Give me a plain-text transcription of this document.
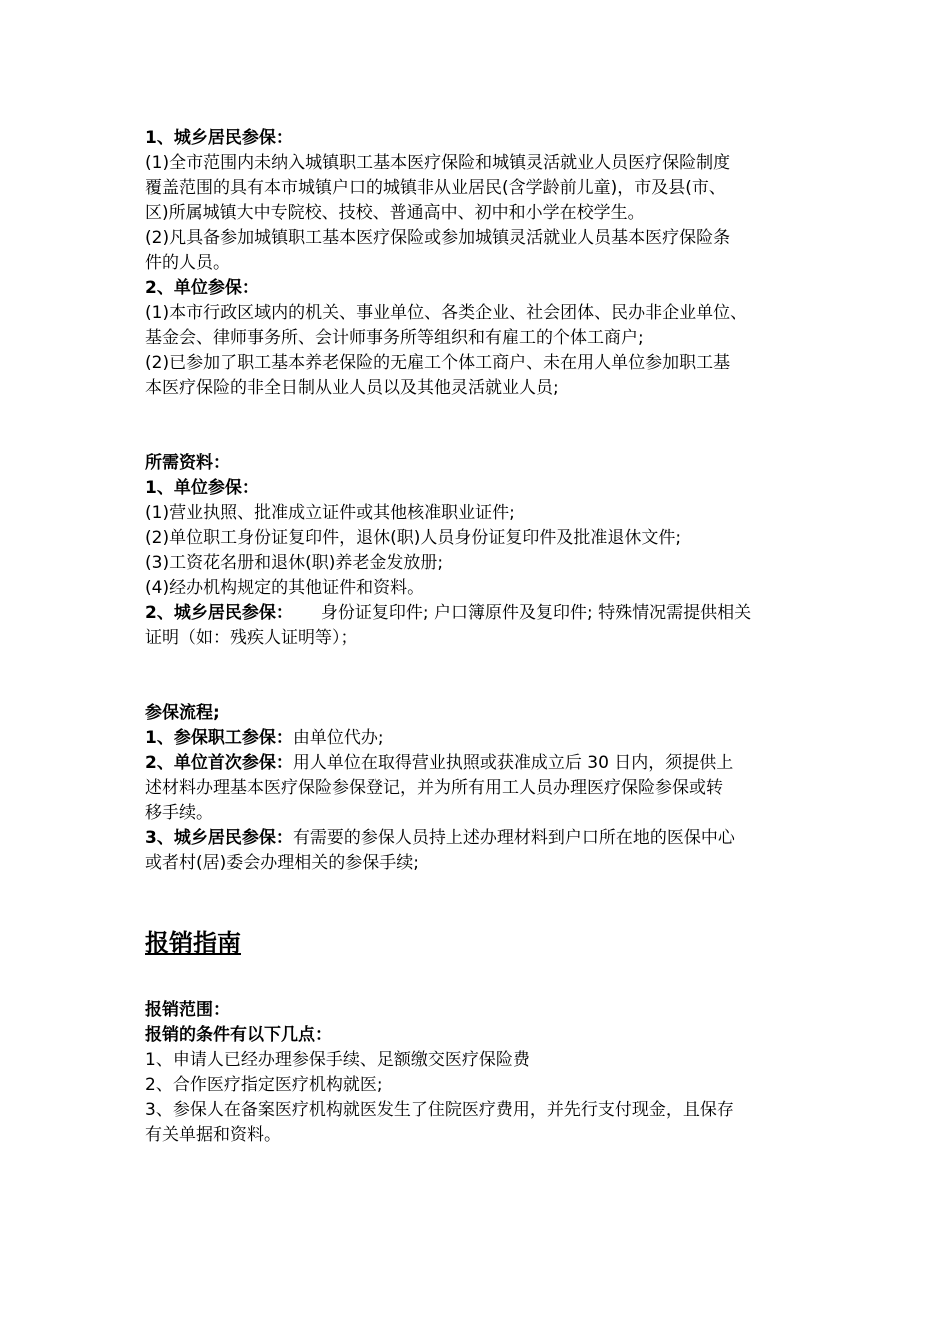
1、城乡居民参保：
(1)全市范围内未纳入城镇职工基本医疗保险和城镇灵活就业人员医疗保险制度
覆盖范围的具有本市城镇户口的城镇非从业居民(含学龄前儿童)，市及县(市、
区)所属城镇大中专院校、技校、普通高中、初中和小学在校学生。
(2)凡具备参加城镇职工基本医疗保险或参加城镇灵活就业人员基本医疗保险条
件的人员。
2、单位参保：
(1)本市行政区域内的机关、事业单位、各类企业、社会团体、民办非企业单位、
基金会、律师事务所、会计师事务所等组织和有雇工的个体工商户;
(2)已参加了职工基本养老保险的无雇工个体工商户、未在用人单位参加职工基
本医疗保险的非全日制从业人员以及其他灵活就业人员;
所需资料：
1、单位参保：
(1)营业执照、批准成立证件或其他核准职业证件;
(2)单位职工身份证复印件，退休(职)人员身份证复印件及批准退休文件;
(3)工资花名册和退休(职)养老金发放册;
(4)经办机构规定的其他证件和资料。
2、城乡居民参保： 身份证复印件; 户口簿原件及复印件; 特殊情况需提供相关
证明（如：残疾人证明等）；
参保流程;
1、参保职工参保：由单位代办;
2、单位首次参保：用人单位在取得营业执照或获准成立后 30 日内，须提供上
述材料办理基本医疗保险参保登记，并为所有用工人员办理医疗保险参保或转
移手续。
3、城乡居民参保：有需要的参保人员持上述办理材料到户口所在地的医保中心
或者村(居)委会办理相关的参保手续;
报销指南
报销范围：
报销的条件有以下几点：
1、申请人已经办理参保手续、足额缴交医疗保险费
2、合作医疗指定医疗机构就医;
3、参保人在备案医疗机构就医发生了住院医疗费用，并先行支付现金，且保存
有关单据和资料。
